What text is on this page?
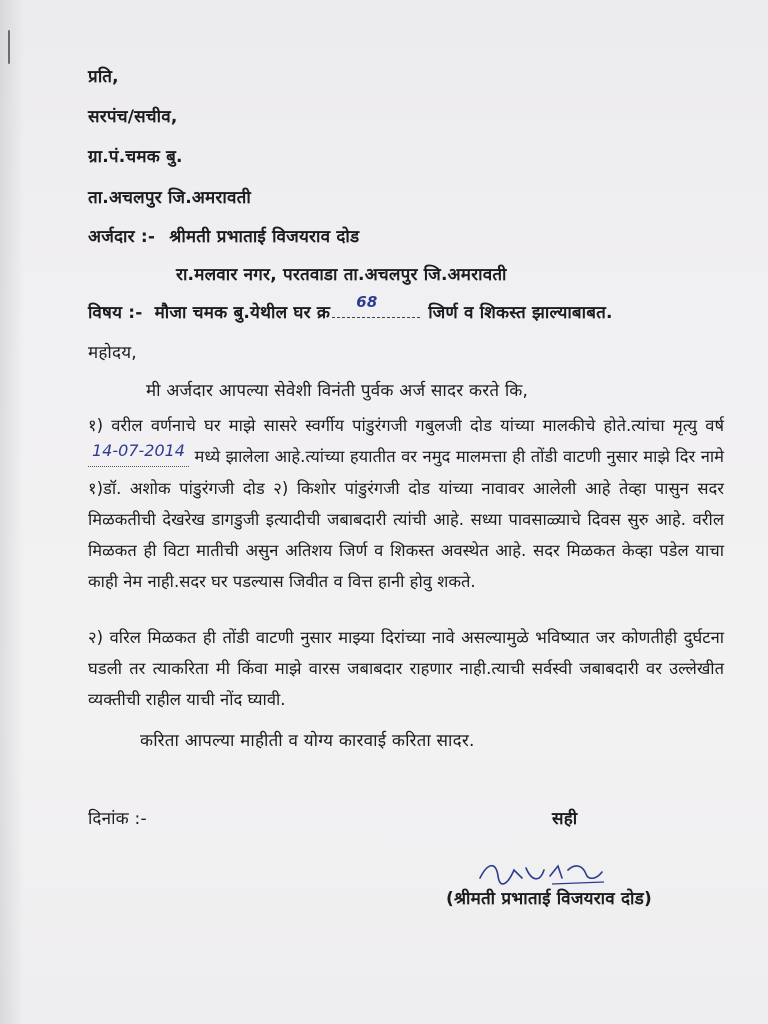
प्रति,
सरपंच/सचीव,
ग्रा.पं.चमक बु.
ता.अचलपुर जि.अमरावती
अर्जदार :- श्रीमती प्रभाताई विजयराव दोड
रा.मलवार नगर, परतवाडा ता.अचलपुर जि.अमरावती
विषय :- मौजा चमक बु.येथील घर क्र
68
जिर्ण व शिकस्त झाल्याबाबत.
महोदय,
मी अर्जदार आपल्या सेवेशी विनंती पुर्वक अर्ज सादर करते कि,
१) वरील वर्णनाचे घर माझे सासरे स्वर्गीय पांडुरंगजी गबुलजी दोड यांच्या मालकीचे होते.त्यांचा मृत्यु वर्ष 14-07-2014 मध्ये झालेला आहे.त्यांच्या हयातीत वर नमुद मालमत्ता ही तोंडी वाटणी नुसार माझे दिर नामे १)डॉ. अशोक पांडुरंगजी दोड २) किशोर पांडुरंगजी दोड यांच्या नावावर आलेली आहे तेव्हा पासुन सदर मिळकतीची देखरेख डागडुजी इत्यादीची जबाबदारी त्यांची आहे. सध्या पावसाळ्याचे दिवस सुरु आहे. वरील मिळकत ही विटा मातीची असुन अतिशय जिर्ण व शिकस्त अवस्थेत आहे. सदर मिळकत केव्हा पडेल याचा काही नेम नाही.सदर घर पडल्यास जिवीत व वित्त हानी होवु शकते.
२) वरिल मिळकत ही तोंडी वाटणी नुसार माझ्या दिरांच्या नावे असल्यामुळे भविष्यात जर कोणतीही दुर्घटना घडली तर त्याकरिता मी किंवा माझे वारस जबाबदार राहणार नाही.त्याची सर्वस्वी जबाबदारी वर उल्लेखीत व्यक्तीची राहील याची नोंद घ्यावी.
करिता आपल्या माहीती व योग्य कारवाई करिता सादर.
दिनांक :-	सही
(श्रीमती प्रभाताई विजयराव दोड)
